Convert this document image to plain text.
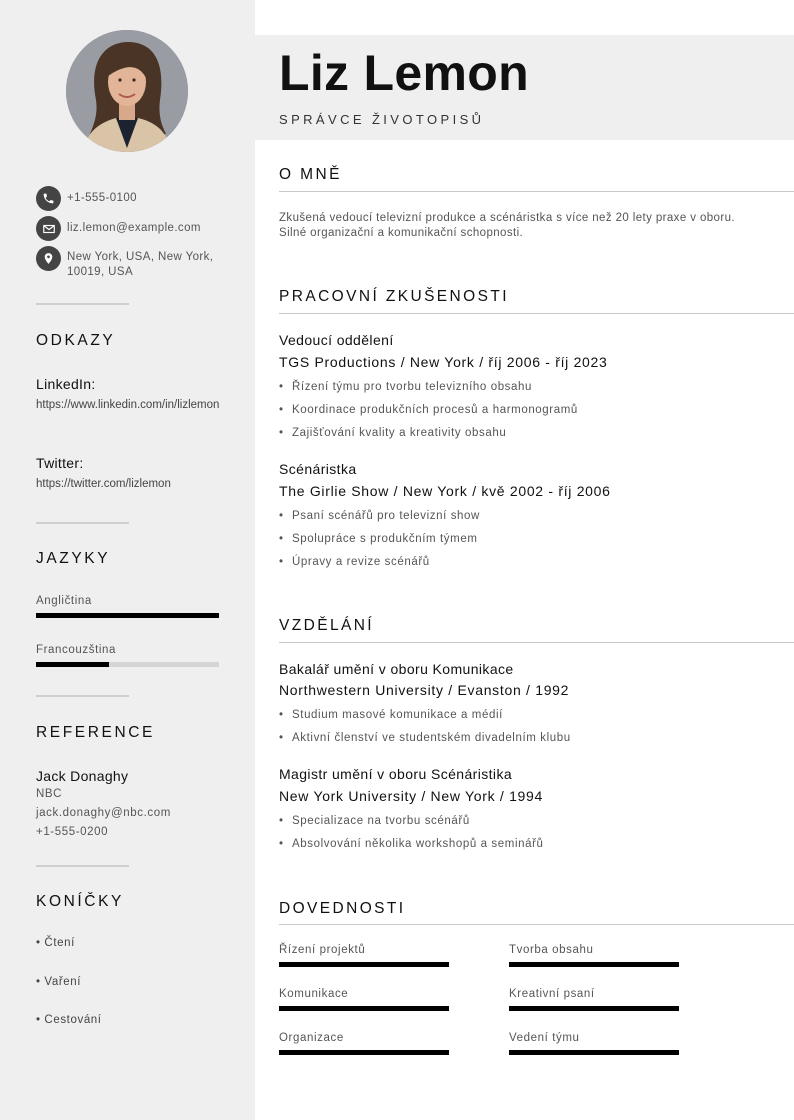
+1-555-0100
liz.lemon@example.com
New York, USA, New York, 10019, USA
ODKAZY
LinkedIn:
https://www.linkedin.com/in/lizlemon
Twitter:
https://twitter.com/lizlemon
JAZYKY
Angličtina
Francouzština
REFERENCE
Jack Donaghy
NBC
jack.donaghy@nbc.com
+1-555-0200
KONÍČKY
• Čtení
• Vaření
• Cestování
Liz Lemon
SPRÁVCE ŽIVOTOPISŮ
O MNĚ
Zkušená vedoucí televizní produkce a scénáristka s více než 20 lety praxe v oboru. Silné organizační a komunikační schopnosti.
PRACOVNÍ ZKUŠENOSTI
Vedoucí oddělení
TGS Productions / New York / říj 2006 - říj 2023
• Řízení týmu pro tvorbu televizního obsahu
• Koordinace produkčních procesů a harmonogramů
• Zajišťování kvality a kreativity obsahu
Scénáristka
The Girlie Show / New York / kvě 2002 - říj 2006
• Psaní scénářů pro televizní show
• Spolupráce s produkčním týmem
• Úpravy a revize scénářů
VZDĚLÁNÍ
Bakalář umění v oboru Komunikace
Northwestern University / Evanston / 1992
• Studium masové komunikace a médií
• Aktivní členství ve studentském divadelním klubu
Magistr umění v oboru Scénáristika
New York University / New York / 1994
• Specializace na tvorbu scénářů
• Absolvování několika workshopů a seminářů
DOVEDNOSTI
Řízení projektů	Tvorba obsahu
Komunikace	Kreativní psaní
Organizace	Vedení týmu
